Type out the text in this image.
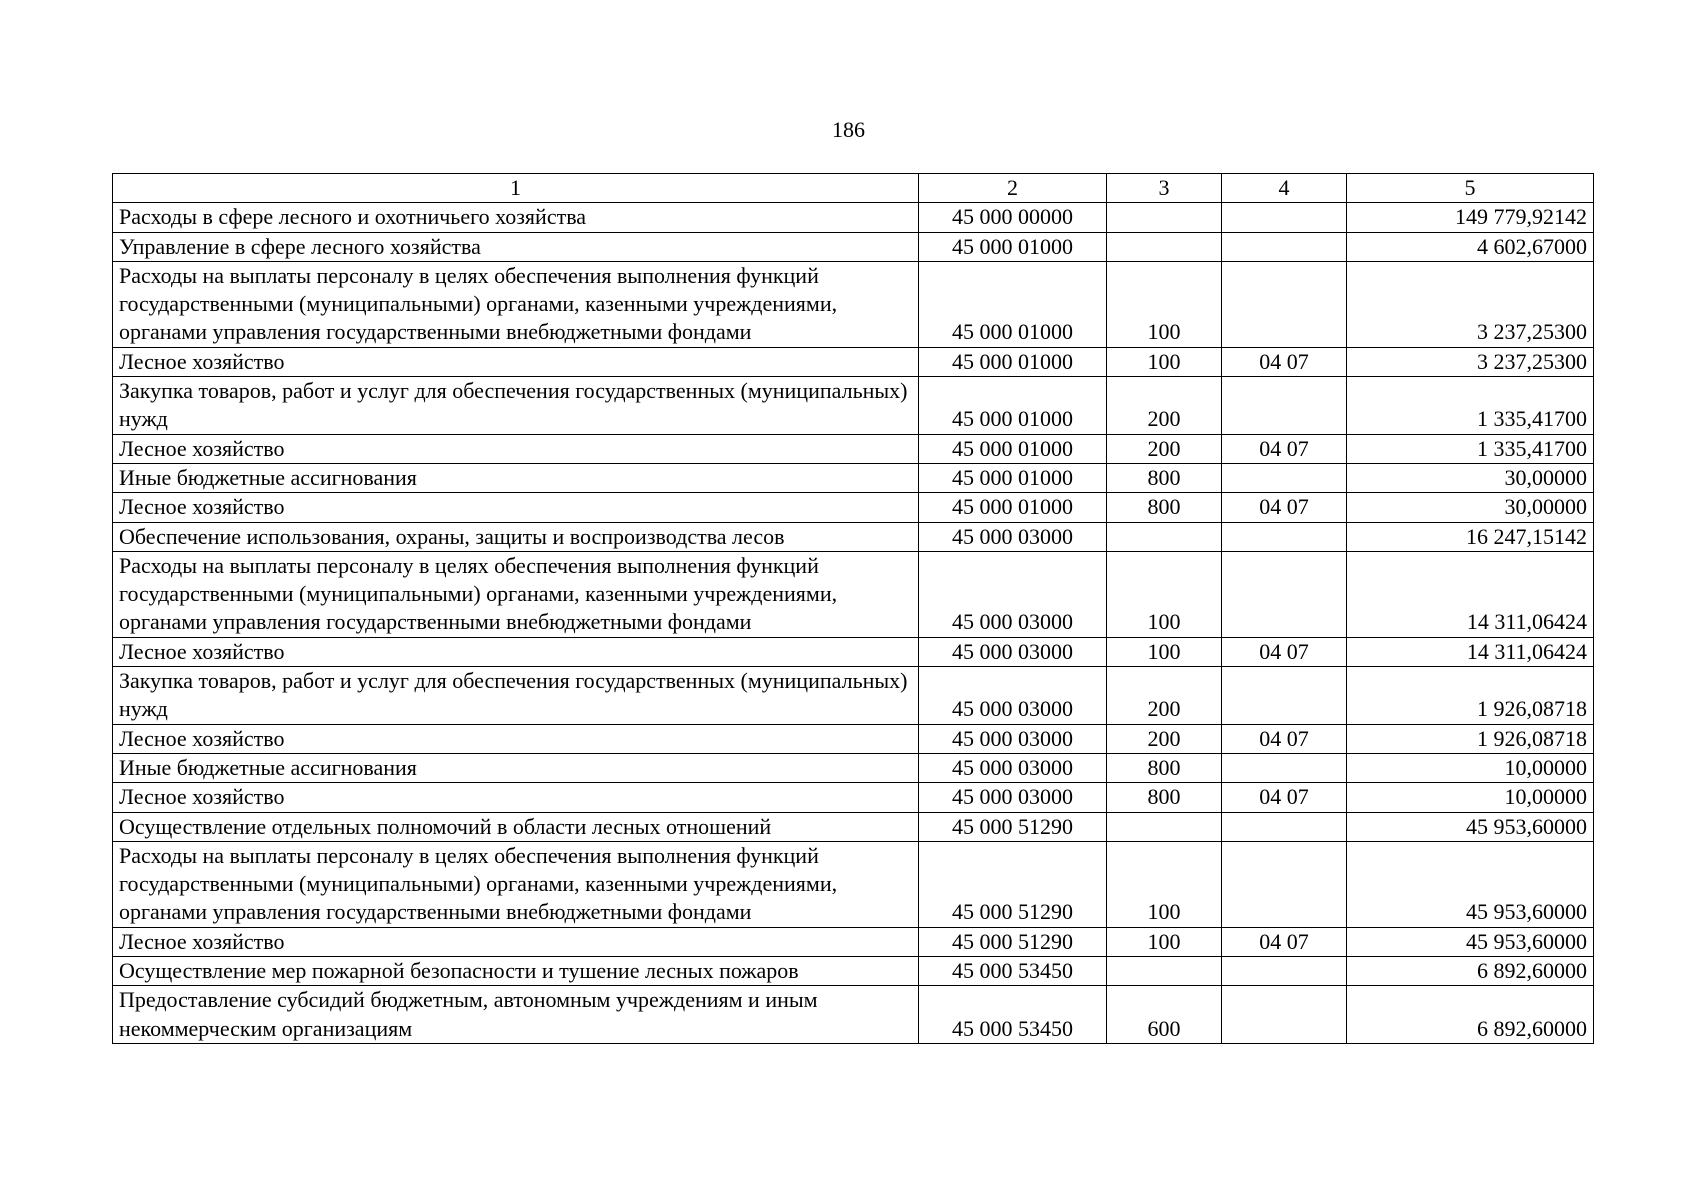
186
1	2	3	4	5
Расходы в сфере лесного и охотничьего хозяйства	45 000 00000			149 779,92142
Управление в сфере лесного хозяйства	45 000 01000			4 602,67000
Расходы на выплаты персоналу в целях обеспечения выполнения функций государственными (муниципальными) органами, казенными учреждениями, органами управления государственными внебюджетными фондами	45 000 01000	100		3 237,25300
Лесное хозяйство	45 000 01000	100	04 07	3 237,25300
Закупка товаров, работ и услуг для обеспечения государственных (муниципальных) нужд	45 000 01000	200		1 335,41700
Лесное хозяйство	45 000 01000	200	04 07	1 335,41700
Иные бюджетные ассигнования	45 000 01000	800		30,00000
Лесное хозяйство	45 000 01000	800	04 07	30,00000
Обеспечение использования, охраны, защиты и воспроизводства лесов	45 000 03000			16 247,15142
Расходы на выплаты персоналу в целях обеспечения выполнения функций государственными (муниципальными) органами, казенными учреждениями, органами управления государственными внебюджетными фондами	45 000 03000	100		14 311,06424
Лесное хозяйство	45 000 03000	100	04 07	14 311,06424
Закупка товаров, работ и услуг для обеспечения государственных (муниципальных) нужд	45 000 03000	200		1 926,08718
Лесное хозяйство	45 000 03000	200	04 07	1 926,08718
Иные бюджетные ассигнования	45 000 03000	800		10,00000
Лесное хозяйство	45 000 03000	800	04 07	10,00000
Осуществление отдельных полномочий в области лесных отношений	45 000 51290			45 953,60000
Расходы на выплаты персоналу в целях обеспечения выполнения функций государственными (муниципальными) органами, казенными учреждениями, органами управления государственными внебюджетными фондами	45 000 51290	100		45 953,60000
Лесное хозяйство	45 000 51290	100	04 07	45 953,60000
Осуществление мер пожарной безопасности и тушение лесных пожаров	45 000 53450			6 892,60000
Предоставление субсидий бюджетным, автономным учреждениям и иным некоммерческим организациям	45 000 53450	600		6 892,60000
